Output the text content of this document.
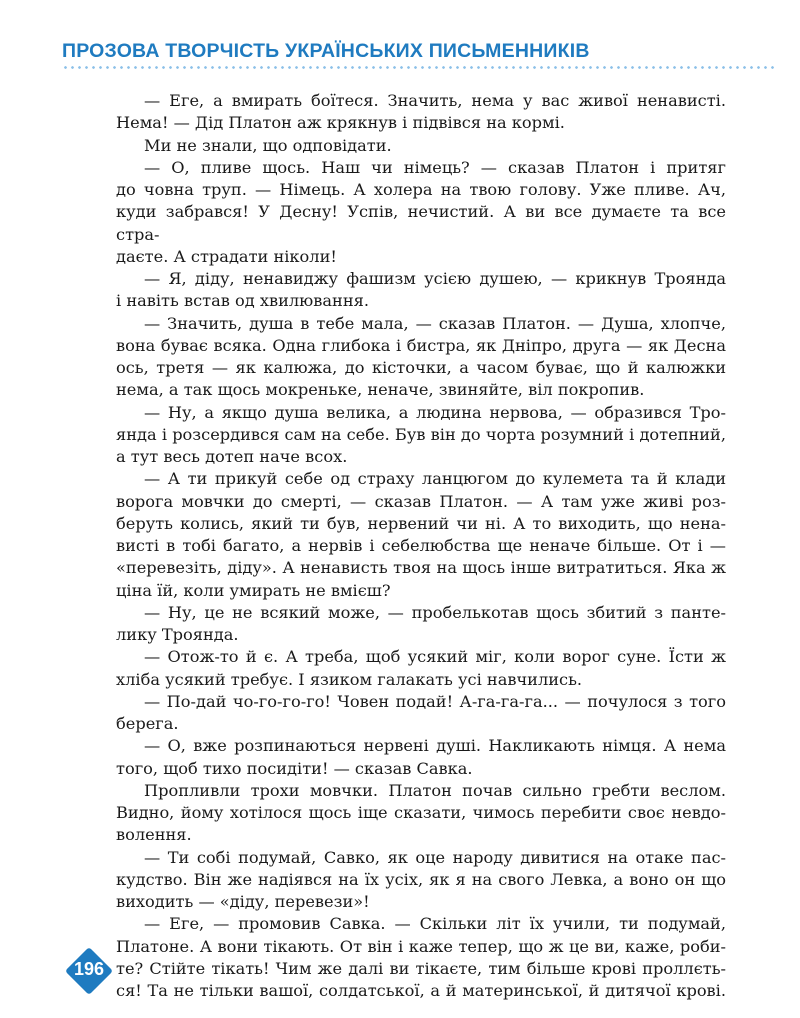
ПРОЗОВА ТВОРЧІСТЬ УКРАЇНСЬКИХ ПИСЬМЕННИКІВ
— Еге, а вмирать боїтеся. Значить, нема у вас живої ненависті.
Нема! — Дід Платон аж крякнув і підвівся на кормі.
Ми не знали, що одповідати.
— О, пливе щось. Наш чи німець? — сказав Платон і притяг
до човна труп. — Німець. А холера на твою голову. Уже пливе. Ач,
куди забрався! У Десну! Успів, нечистий. А ви все думаєте та все стра-
даєте. А страдати ніколи!
— Я, діду, ненавиджу фашизм усією душею, — крикнув Троянда
і навіть встав од хвилювання.
— Значить, душа в тебе мала, — сказав Платон. — Душа, хлопче,
вона буває всяка. Одна глибока і бистра, як Дніпро, друга — як Десна
ось, третя — як калюжа, до кісточки, а часом буває, що й калюжки
нема, а так щось мокреньке, неначе, звиняйте, віл покропив.
— Ну, а якщо душа велика, а людина нервова, — образився Тро-
янда і розсердився сам на себе. Був він до чорта розумний і дотепний,
а тут весь дотеп наче всох.
— А ти прикуй себе од страху ланцюгом до кулемета та й клади
ворога мовчки до смерті, — сказав Платон. — А там уже живі роз-
беруть колись, який ти був, нервений чи ні. А то виходить, що нена-
висті в тобі багато, а нервів і себелюбства ще неначе більше. От і —
«перевезіть, діду». А ненависть твоя на щось інше витратиться. Яка ж
ціна їй, коли умирать не вмієш?
— Ну, це не всякий може, — пробелькотав щось збитий з панте-
лику Троянда.
— Отож-то й є. А треба, щоб усякий міг, коли ворог суне. Їсти ж
хліба усякий требує. І язиком галакать усі навчились.
— По-дай чо-го-го-го! Човен подай! А-га-га-га... — почулося з того
берега.
— О, вже розпинаються нервені душі. Накликають німця. А нема
того, щоб тихо посидіти! — сказав Савка.
Пропливли трохи мовчки. Платон почав сильно гребти веслом.
Видно, йому хотілося щось іще сказати, чимось перебити своє невдо-
волення.
— Ти собі подумай, Савко, як оце народу дивитися на отаке пас-
кудство. Він же надіявся на їх усіх, як я на свого Левка, а воно он що
виходить — «діду, перевези»!
— Еге, — промовив Савка. — Скільки літ їх учили, ти подумай,
Платоне. А вони тікають. От він і каже тепер, що ж це ви, каже, роби-
те? Стійте тікать! Чим же далі ви тікаєте, тим більше крові проллєть-
ся! Та не тільки вашої, солдатської, а й материнської, й дитячої крові.
196
